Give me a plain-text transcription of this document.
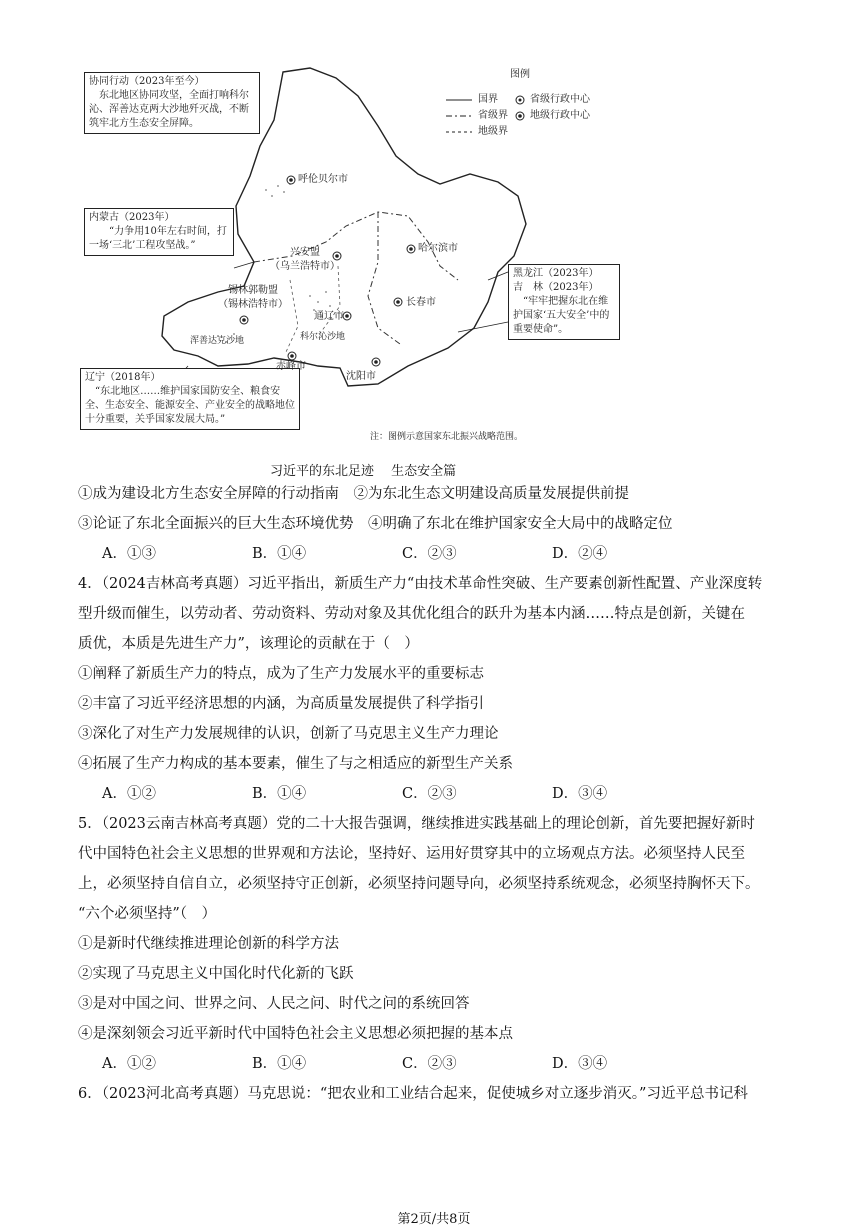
图例
国界
省级界
地级界
省级行政中心
地级行政中心
协同行动（2023年至今）
　东北地区协同攻坚，全面打响科尔沁、浑善达克两大沙地歼灭战，不断筑牢北方生态安全屏障。
内蒙古（2023年）
　　“力争用10年左右时间，打一场‘三北’工程攻坚战。”
辽宁（2018年）
　“东北地区……维护国家国防安全、粮食安全、生态安全、能源安全、产业安全的战略地位十分重要，关乎国家发展大局。”
黑龙江（2023年）
吉　林（2023年）
　“牢牢把握东北在维护国家‘五大安全’中的重要使命”。
呼伦贝尔市
哈尔滨市
兴安盟
（乌兰浩特市）
锡林郭勒盟
（锡林浩特市）
通辽市
长春市
赤峰市
沈阳市
浑善达克沙地	科尔沁沙地
注：图例示意国家东北振兴战略范围。
习近平的东北足迹　 生态安全篇
①成为建设北方生态安全屏障的行动指南　②为东北生态文明建设高质量发展提供前提
③论证了东北全面振兴的巨大生态环境优势　④明确了东北在维护国家安全大局中的战略定位
A．①③	B．①④	C．②③	D．②④
4．（2024吉林高考真题）习近平指出，新质生产力“由技术革命性突破、生产要素创新性配置、产业深度转
型升级而催生，以劳动者、劳动资料、劳动对象及其优化组合的跃升为基本内涵……特点是创新，关键在
质优，本质是先进生产力”，该理论的贡献在于（　）
①阐释了新质生产力的特点，成为了生产力发展水平的重要标志
②丰富了习近平经济思想的内涵，为高质量发展提供了科学指引
③深化了对生产力发展规律的认识，创新了马克思主义生产力理论
④拓展了生产力构成的基本要素，催生了与之相适应的新型生产关系
A．①②	B．①④	C．②③	D．③④
5．（2023云南吉林高考真题）党的二十大报告强调，继续推进实践基础上的理论创新，首先要把握好新时
代中国特色社会主义思想的世界观和方法论，坚持好、运用好贯穿其中的立场观点方法。必须坚持人民至
上，必须坚持自信自立，必须坚持守正创新，必须坚持问题导向，必须坚持系统观念，必须坚持胸怀天下。
“六个必须坚持”（　）
①是新时代继续推进理论创新的科学方法
②实现了马克思主义中国化时代化新的飞跃
③是对中国之问、世界之问、人民之问、时代之问的系统回答
④是深刻领会习近平新时代中国特色社会主义思想必须把握的基本点
A．①②	B．①④	C．②③	D．③④
6．（2023河北高考真题）马克思说：“把农业和工业结合起来，促使城乡对立逐步消灭。”习近平总书记科
第2页/共8页
